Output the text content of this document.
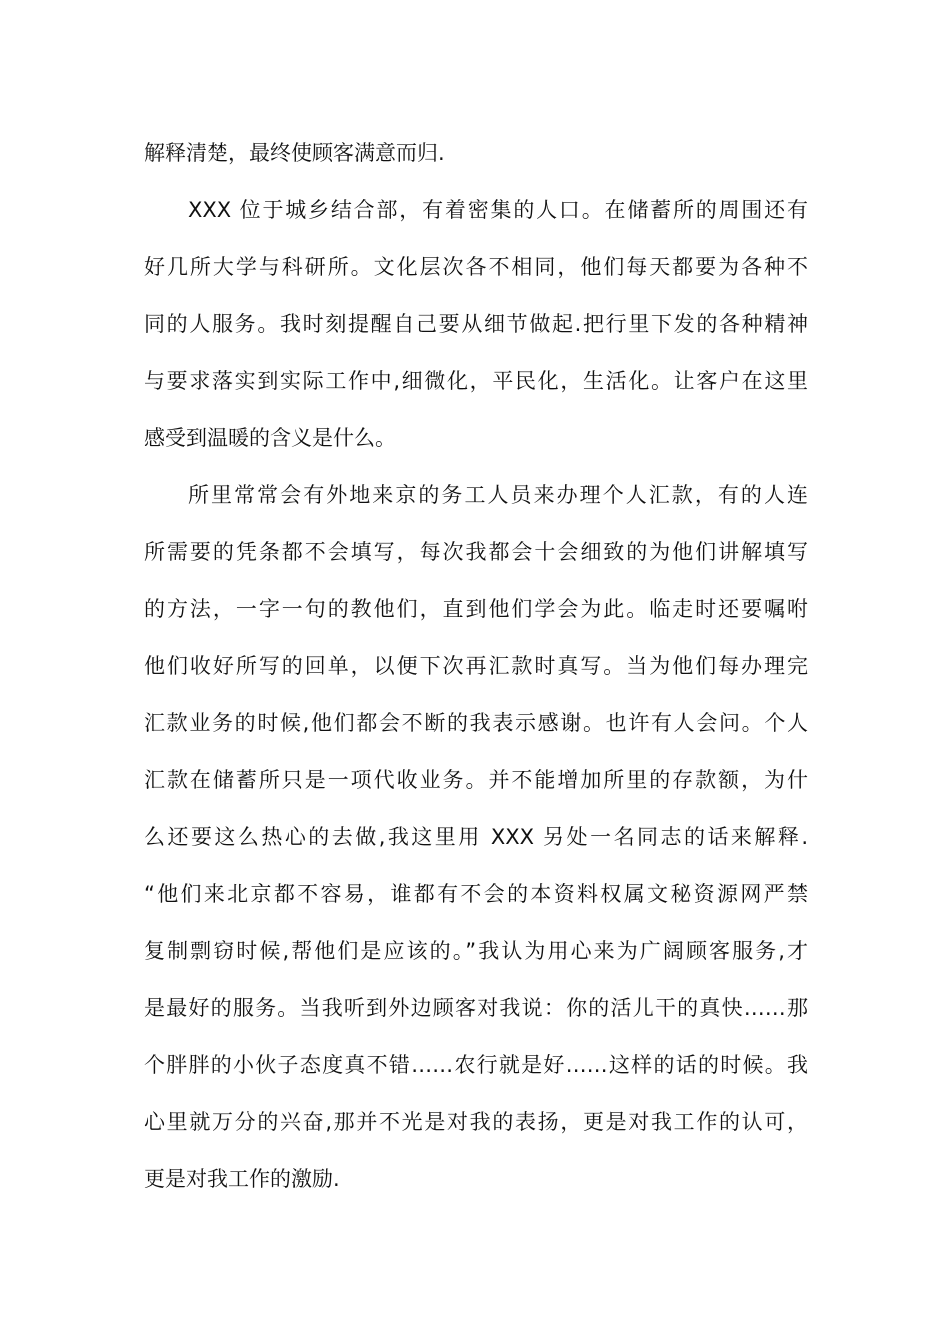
解释清楚，最终使顾客满意而归.
XXX 位于城乡结合部，有着密集的人口。在储蓄所的周围还有
好几所大学与科研所。文化层次各不相同，他们每天都要为各种不
同的人服务。我时刻提醒自己要从细节做起.把行里下发的各种精神
与要求落实到实际工作中,细微化，平民化，生活化。让客户在这里
感受到温暖的含义是什么。
所里常常会有外地来京的务工人员来办理个人汇款，有的人连
所需要的凭条都不会填写，每次我都会十会细致的为他们讲解填写
的方法，一字一句的教他们，直到他们学会为此。临走时还要嘱咐
他们收好所写的回单，以便下次再汇款时真写。当为他们每办理完
汇款业务的时候,他们都会不断的我表示感谢。也许有人会问。个人
汇款在储蓄所只是一项代收业务。并不能增加所里的存款额，为什
么还要这么热心的去做,我这里用 XXX 另处一名同志的话来解释.
“他们来北京都不容易，谁都有不会的本资料权属文秘资源网严禁
复制剽窃时候,帮他们是应该的。”我认为用心来为广阔顾客服务,才
是最好的服务。当我听到外边顾客对我说：你的活儿干的真快……那
个胖胖的小伙子态度真不错……农行就是好……这样的话的时候。我
心里就万分的兴奋,那并不光是对我的表扬，更是对我工作的认可，
更是对我工作的激励.
